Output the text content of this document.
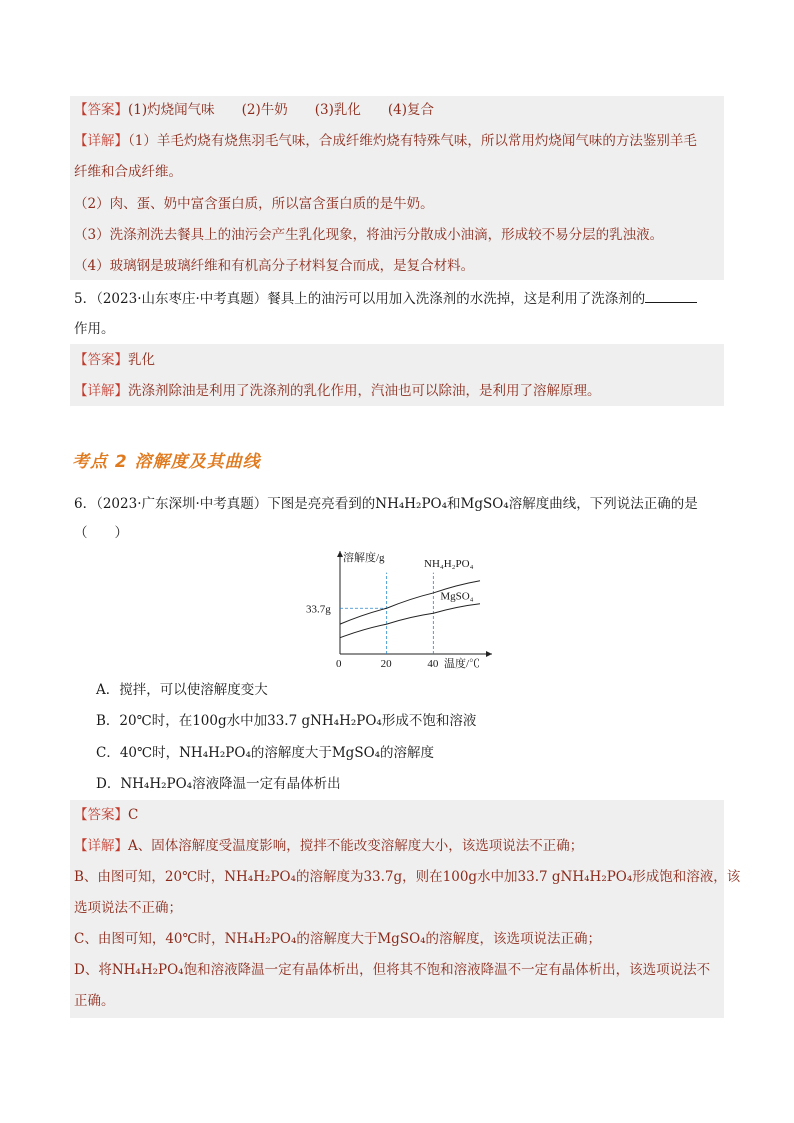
【答案】(1)灼烧闻气味　　(2)牛奶　　(3)乳化　　(4)复合
【详解】（1）羊毛灼烧有烧焦羽毛气味，合成纤维灼烧有特殊气味，所以常用灼烧闻气味的方法鉴别羊毛
纤维和合成纤维。
（2）肉、蛋、奶中富含蛋白质，所以富含蛋白质的是牛奶。
（3）洗涤剂洗去餐具上的油污会产生乳化现象，将油污分散成小油滴，形成较不易分层的乳浊液。
（4）玻璃钢是玻璃纤维和有机高分子材料复合而成，是复合材料。
5．（2023·山东枣庄·中考真题）餐具上的油污可以用加入洗涤剂的水洗掉，这是利用了洗涤剂的
作用。
【答案】乳化
【详解】洗涤剂除油是利用了洗涤剂的乳化作用，汽油也可以除油，是利用了溶解原理。
考点 2 溶解度及其曲线
6．（2023·广东深圳·中考真题）下图是亮亮看到的NH₄H₂PO₄和MgSO₄溶解度曲线，下列说法正确的是
（　　）
NH₄H₂PO₄
MgSO₄
溶解度/g
温度/℃
0	20	40
33.7g
A．搅拌，可以使溶解度变大
B．20℃时，在100g水中加33.7 gNH₄H₂PO₄形成不饱和溶液
C．40℃时，NH₄H₂PO₄的溶解度大于MgSO₄的溶解度
D．NH₄H₂PO₄溶液降温一定有晶体析出
【答案】C
【详解】A、固体溶解度受温度影响，搅拌不能改变溶解度大小，该选项说法不正确；
B、由图可知，20℃时，NH₄H₂PO₄的溶解度为33.7g，则在100g水中加33.7 gNH₄H₂PO₄形成饱和溶液，该
选项说法不正确；
C、由图可知，40℃时，NH₄H₂PO₄的溶解度大于MgSO₄的溶解度，该选项说法正确；
D、将NH₄H₂PO₄饱和溶液降温一定有晶体析出，但将其不饱和溶液降温不一定有晶体析出，该选项说法不
正确。
